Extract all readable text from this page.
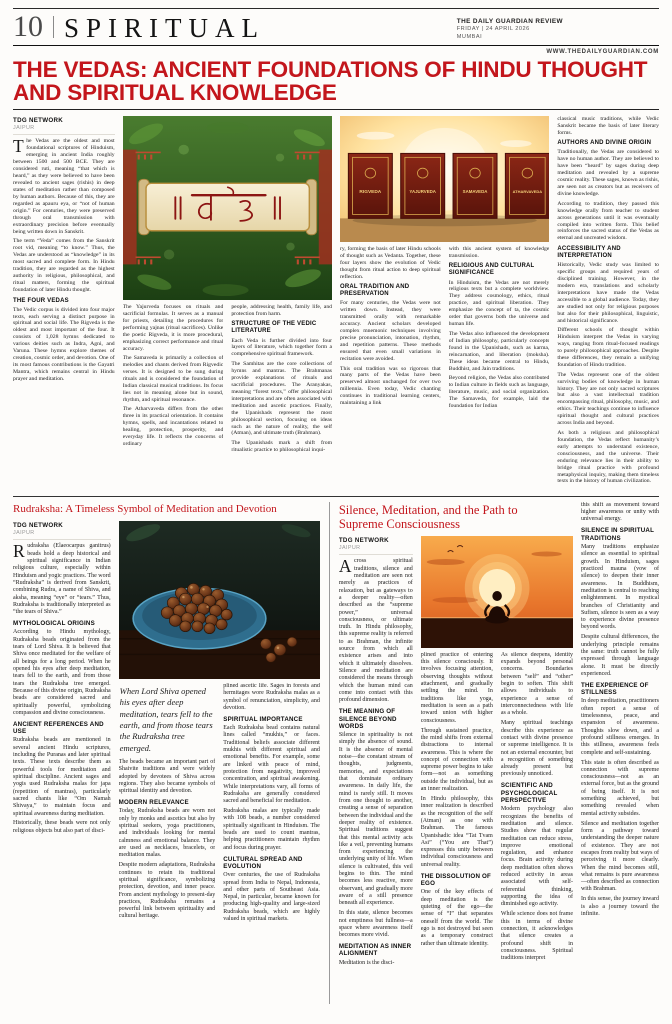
10 SPIRITUAL	THE DAILY GUARDIAN REVIEW
FRIDAY | 24 APRIL 2026
MUMBAI
WWW.THEDAILYGUARDIAN.COM
THE VEDAS: ANCIENT FOUNDATIONS OF HINDU THOUGHT
AND SPIRITUAL KNOWLEDGE
TDG NETWORK
JAIPUR

The Vedas are the oldest and most foundational scriptures of Hinduism, emerging in ancient India roughly between 1500 and 500 BCE. They are considered ruti, meaning “that which is heard,” as they were believed to have been revealed to ancient sages (rishis) in deep states of meditation rather than composed by human authors. Because of this, they are regarded as apauru eya, or “not of human origin.” For centuries, they were preserved through oral transmission with extraordinary precision before eventually being written down in Sanskrit.

The term “Veda” comes from the Sanskrit root vid, meaning “to know.” Thus, the Vedas are understood as “knowledge” in its most sacred and complete form. In Hindu tradition, they are regarded as the highest authority in religious, philosophical, and ritual matters, forming the spiritual foundation of later Hindu thought.

THE FOUR VEDAS

The Vedic corpus is divided into four major texts, each serving a distinct purpose in spiritual and social life. The Rigveda is the oldest and most important of the four. It consists of 1,028 hymns dedicated to various deities such as Indra, Agni, and Varuna. These hymns explore themes of creation, cosmic order, and devotion. One of its most famous contributions is the Gayatri Mantra, which remains central in Hindu prayer and meditation.

The Yajurveda focuses on rituals and sacrificial formulas. It serves as a manual for priests, detailing the procedures for performing yajnas (ritual sacrifices). Unlike the poetic Rigveda, it is more procedural, emphasizing correct performance and ritual accuracy.

The Samaveda is primarily a collection of melodies and chants derived from Rigvedic verses. It is designed to be sung during rituals and is considered the foundation of Indian classical musical traditions. Its focus lies not in meaning alone but in sound, rhythm, and spiritual resonance.

The Atharvaveda differs from the other three in its practical orientation. It contains hymns, spells, and incantations related to healing, protection, prosperity, and everyday life. It reflects the concerns of ordinary

people, addressing health, family life, and protection from harm.

STRUCTURE OF THE VEDIC LITERATURE

Each Veda is further divided into four layers of literature, which together form a comprehensive spiritual framework.

The Samhitas are the core collections of hymns and mantras. The Brahmanas provide explanations of rituals and sacrificial procedures. The Aranyakas, meaning “forest texts,” offer philosophical interpretations and are often associated with meditation and ascetic practices. Finally, the Upanishads represent the most philosophical section, focusing on ideas such as the nature of reality, the self (Atman), and ultimate truth (Brahman).

The Upanishads mark a shift from ritualistic practice to philosophical inqui-

RIGVEDA	YAJURVEDA	SAMAVEDA	ATHARVAVEDA

ry, forming the basis of later Hindu schools of thought such as Vedanta. Together, these four layers show the evolution of Vedic thought from ritual action to deep spiritual reflection.

ORAL TRADITION AND PRESERVATION

For many centuries, the Vedas were not written down. Instead, they were transmitted orally with remarkable accuracy. Ancient scholars developed complex mnemonic techniques involving precise pronunciation, intonation, rhythm, and repetition patterns. These methods ensured that even small variations in recitation were avoided.

This oral tradition was so rigorous that many parts of the Vedas have been preserved almost unchanged for over two millennia. Even today, Vedic chanting continues in traditional learning centers, maintaining a link

with this ancient system of knowledge transmission.

RELIGIOUS AND CULTURAL SIGNIFICANCE

In Hinduism, the Vedas are not merely religious texts but a complete worldview. They address cosmology, ethics, ritual practice, and spiritual liberation. They emphasize the concept of ta, the cosmic order that governs both the universe and human life.

The Vedas also influenced the development of Indian philosophy, particularly concepts found in the Upanishads, such as karma, reincarnation, and liberation (moksha). These ideas became central to Hindu, Buddhist, and Jain traditions.

Beyond religion, the Vedas also contributed to Indian culture in fields such as language, literature, music, and social organization. The Samaveda, for example, laid the foundation for Indian

classical music traditions, while Vedic Sanskrit became the basis of later literary forms.

AUTHORS AND DIVINE ORIGIN

Traditionally, the Vedas are considered to have no human author. They are believed to have been “heard” by sages during deep meditation and revealed by a supreme cosmic reality. These sages, known as rishis, are seen not as creators but as receivers of divine knowledge.

According to tradition, they passed this knowledge orally from teacher to student across generations until it was eventually compiled into written form. This belief reinforces the sacred status of the Vedas as eternal and uncreated wisdom.

ACCESSIBILITY AND INTERPRETATION

Historically, Vedic study was limited to specific groups and required years of disciplined training. However, in the modern era, translations and scholarly interpretations have made the Vedas accessible to a global audience. Today, they are studied not only for religious purposes but also for their philosophical, linguistic, and historical significance.

Different schools of thought within Hinduism interpret the Vedas in varying ways, ranging from ritual-focused readings to purely philosophical approaches. Despite these differences, they remain a unifying foundation of Hindu tradition.

The Vedas represent one of the oldest surviving bodies of knowledge in human history. They are not only sacred scriptures but also a vast intellectual tradition encompassing ritual, philosophy, music, and ethics. Their teachings continue to influence spiritual thought and cultural practices across India and beyond.

As both a religious and philosophical foundation, the Vedas reflect humanity’s early attempts to understand existence, consciousness, and the universe. Their enduring relevance lies in their ability to bridge ritual practice with profound metaphysical inquiry, making them timeless texts in the history of human civilization.

Rudraksha: A Timeless Symbol of Meditation and Devotion
TDG NETWORK
JAIPUR

Rudraksha (Elaeocarpus ganitrus) beads hold a deep historical and spiritual significance in Indian religious culture, especially within Hinduism and yogic practices. The word “Rudraksha” is derived from Sanskrit, combining Rudra, a name of Shiva, and aksha, meaning “eye” or “tears.” Thus, Rudraksha is traditionally interpreted as “the tears of Shiva.”

MYTHOLOGICAL ORIGINS

According to Hindu mythology, Rudraksha beads originated from the tears of Lord Shiva. It is believed that Shiva once meditated for the welfare of all beings for a long period. When he opened his eyes after deep meditation, tears fell to the earth, and from those tears the Rudraksha tree emerged. Because of this divine origin, Rudraksha beads are considered sacred and spiritually powerful, symbolizing compassion and divine consciousness.

ANCIENT REFERENCES AND USE

Rudraksha beads are mentioned in several ancient Hindu scriptures, including the Puranas and later spiritual texts. These texts describe them as powerful tools for meditation and spiritual discipline. Ancient sages and yogis used Rudraksha malas for japa (repetition of mantras), particularly sacred chants like “Om Namah Shivaya,” to maintain focus and spiritual awareness during meditation.

Historically, these beads were not only religious objects but also part of disci-

When Lord Shiva opened his eyes after deep meditation, tears fell to the earth, and from those tears the Rudraksha tree emerged.

The beads became an important part of Shaivite traditions and were widely adopted by devotees of Shiva across regions. They also became symbols of spiritual identity and devotion.

MODERN RELEVANCE

Today, Rudraksha beads are worn not only by monks and ascetics but also by spiritual seekers, yoga practitioners, and individuals looking for mental calmness and emotional balance. They are used as necklaces, bracelets, or meditation malas.

Despite modern adaptations, Rudraksha continues to retain its traditional spiritual significance, symbolizing protection, devotion, and inner peace. From ancient mythology to present-day practices, Rudraksha remains a powerful link between spirituality and cultural heritage.

plined ascetic life. Sages in forests and hermitages wore Rudraksha malas as a symbol of renunciation, simplicity, and devotion.

SPIRITUAL IMPORTANCE

Each Rudraksha bead contains natural lines called “mukhis,” or faces. Traditional beliefs associate different mukhis with different spiritual and emotional benefits. For example, some are linked with peace of mind, protection from negativity, improved concentration, and spiritual awakening. While interpretations vary, all forms of Rudraksha are generally considered sacred and beneficial for meditation.

Rudraksha malas are typically made with 108 beads, a number considered spiritually significant in Hinduism. The beads are used to count mantras, helping practitioners maintain rhythm and focus during prayer.

CULTURAL SPREAD AND EVOLUTION

Over centuries, the use of Rudraksha spread from India to Nepal, Indonesia, and other parts of Southeast Asia. Nepal, in particular, became known for producing high-quality and large-sized Rudraksha beads, which are highly valued in spiritual markets.

Silence, Meditation, and the Path to
Supreme Consciousness
TDG NETWORK
JAIPUR

Across spiritual traditions, silence and meditation are seen not merely as practices of relaxation, but as gateways to a deeper reality—often described as the “supreme power,” universal consciousness, or ultimate truth. In Hindu philosophy, this supreme reality is referred to as Brahman, the infinite source from which all existence arises and into which it ultimately dissolves. Silence and meditation are considered the means through which the human mind can come into contact with this profound dimension.

THE MEANING OF SILENCE BEYOND WORDS

Silence in spirituality is not simply the absence of sound. It is the absence of mental noise—the constant stream of thoughts, judgments, memories, and expectations that dominate ordinary awareness. In daily life, the mind is rarely still. It moves from one thought to another, creating a sense of separation between the individual and the deeper reality of existence. Spiritual traditions suggest that this mental activity acts like a veil, preventing humans from experiencing the underlying unity of life. When silence is cultivated, this veil begins to thin. The mind becomes less reactive, more observant, and gradually more aware of a still presence beneath all experience.

In this state, silence becomes not emptiness but fullness—a space where awareness itself becomes more vivid.

MEDITATION AS INNER ALIGNMENT

Meditation is the disci-

plined practice of entering this silence consciously. It involves focusing attention, observing thoughts without attachment, and gradually settling the mind. In traditions like yoga, meditation is seen as a path toward union with higher consciousness.

Through sustained practice, the mind shifts from external distractions to internal awareness. This is where the concept of connection with supreme power begins to take form—not as something outside the individual, but as an inner realization.

In Hindu philosophy, this inner realization is described as the recognition of the self (Atman) as one with Brahman. The famous Upanishadic idea “Tat Tvam Asi” (“You are That”) expresses this unity between individual consciousness and universal reality.

THE DISSOLUTION OF EGO

One of the key effects of deep meditation is the quieting of the ego—the sense of “I” that separates oneself from the world. The ego is not destroyed but seen as a temporary construct rather than ultimate identity.

As silence deepens, identity expands beyond personal concerns. Boundaries between “self” and “other” begin to soften. This shift allows individuals to experience a sense of interconnectedness with life as a whole.

Many spiritual teachings describe this experience as contact with divine presence or supreme intelligence. It is not an external encounter, but a recognition of something already present but previously unnoticed.

SCIENTIFIC AND PSYCHOLOGICAL PERSPECTIVE

Modern psychology also recognizes the benefits of meditation and silence. Studies show that regular meditation can reduce stress, improve emotional regulation, and enhance focus. Brain activity during deep meditation often shows reduced activity in areas associated with self-referential thinking, supporting the idea of diminished ego activity.

While science does not frame this in terms of divine connection, it acknowledges that silence creates a profound shift in consciousness. Spiritual traditions interpret

this shift as movement toward higher awareness or unity with universal energy.

SILENCE IN SPIRITUAL TRADITIONS

Many traditions emphasize silence as essential to spiritual growth. In Hinduism, sages practiced mauna (vow of silence) to deepen their inner awareness. In Buddhism, meditation is central to reaching enlightenment. In mystical branches of Christianity and Sufism, silence is seen as a way to experience divine presence beyond words.

Despite cultural differences, the underlying principle remains the same: truth cannot be fully expressed through language alone. It must be directly experienced.

THE EXPERIENCE OF STILLNESS

In deep meditation, practitioners often report a sense of timelessness, peace, and expansion of awareness. Thoughts slow down, and a profound stillness emerges. In this stillness, awareness feels complete and self-sustaining.

This state is often described as connection with supreme consciousness—not as an external force, but as the ground of being itself. It is not something achieved, but something revealed when mental activity subsides.

Silence and meditation together form a pathway toward understanding the deeper nature of existence. They are not escapes from reality but ways of perceiving it more clearly. When the mind becomes still, what remains is pure awareness—often described as connection with Brahman.

In this sense, the journey inward is also a journey toward the infinite.
